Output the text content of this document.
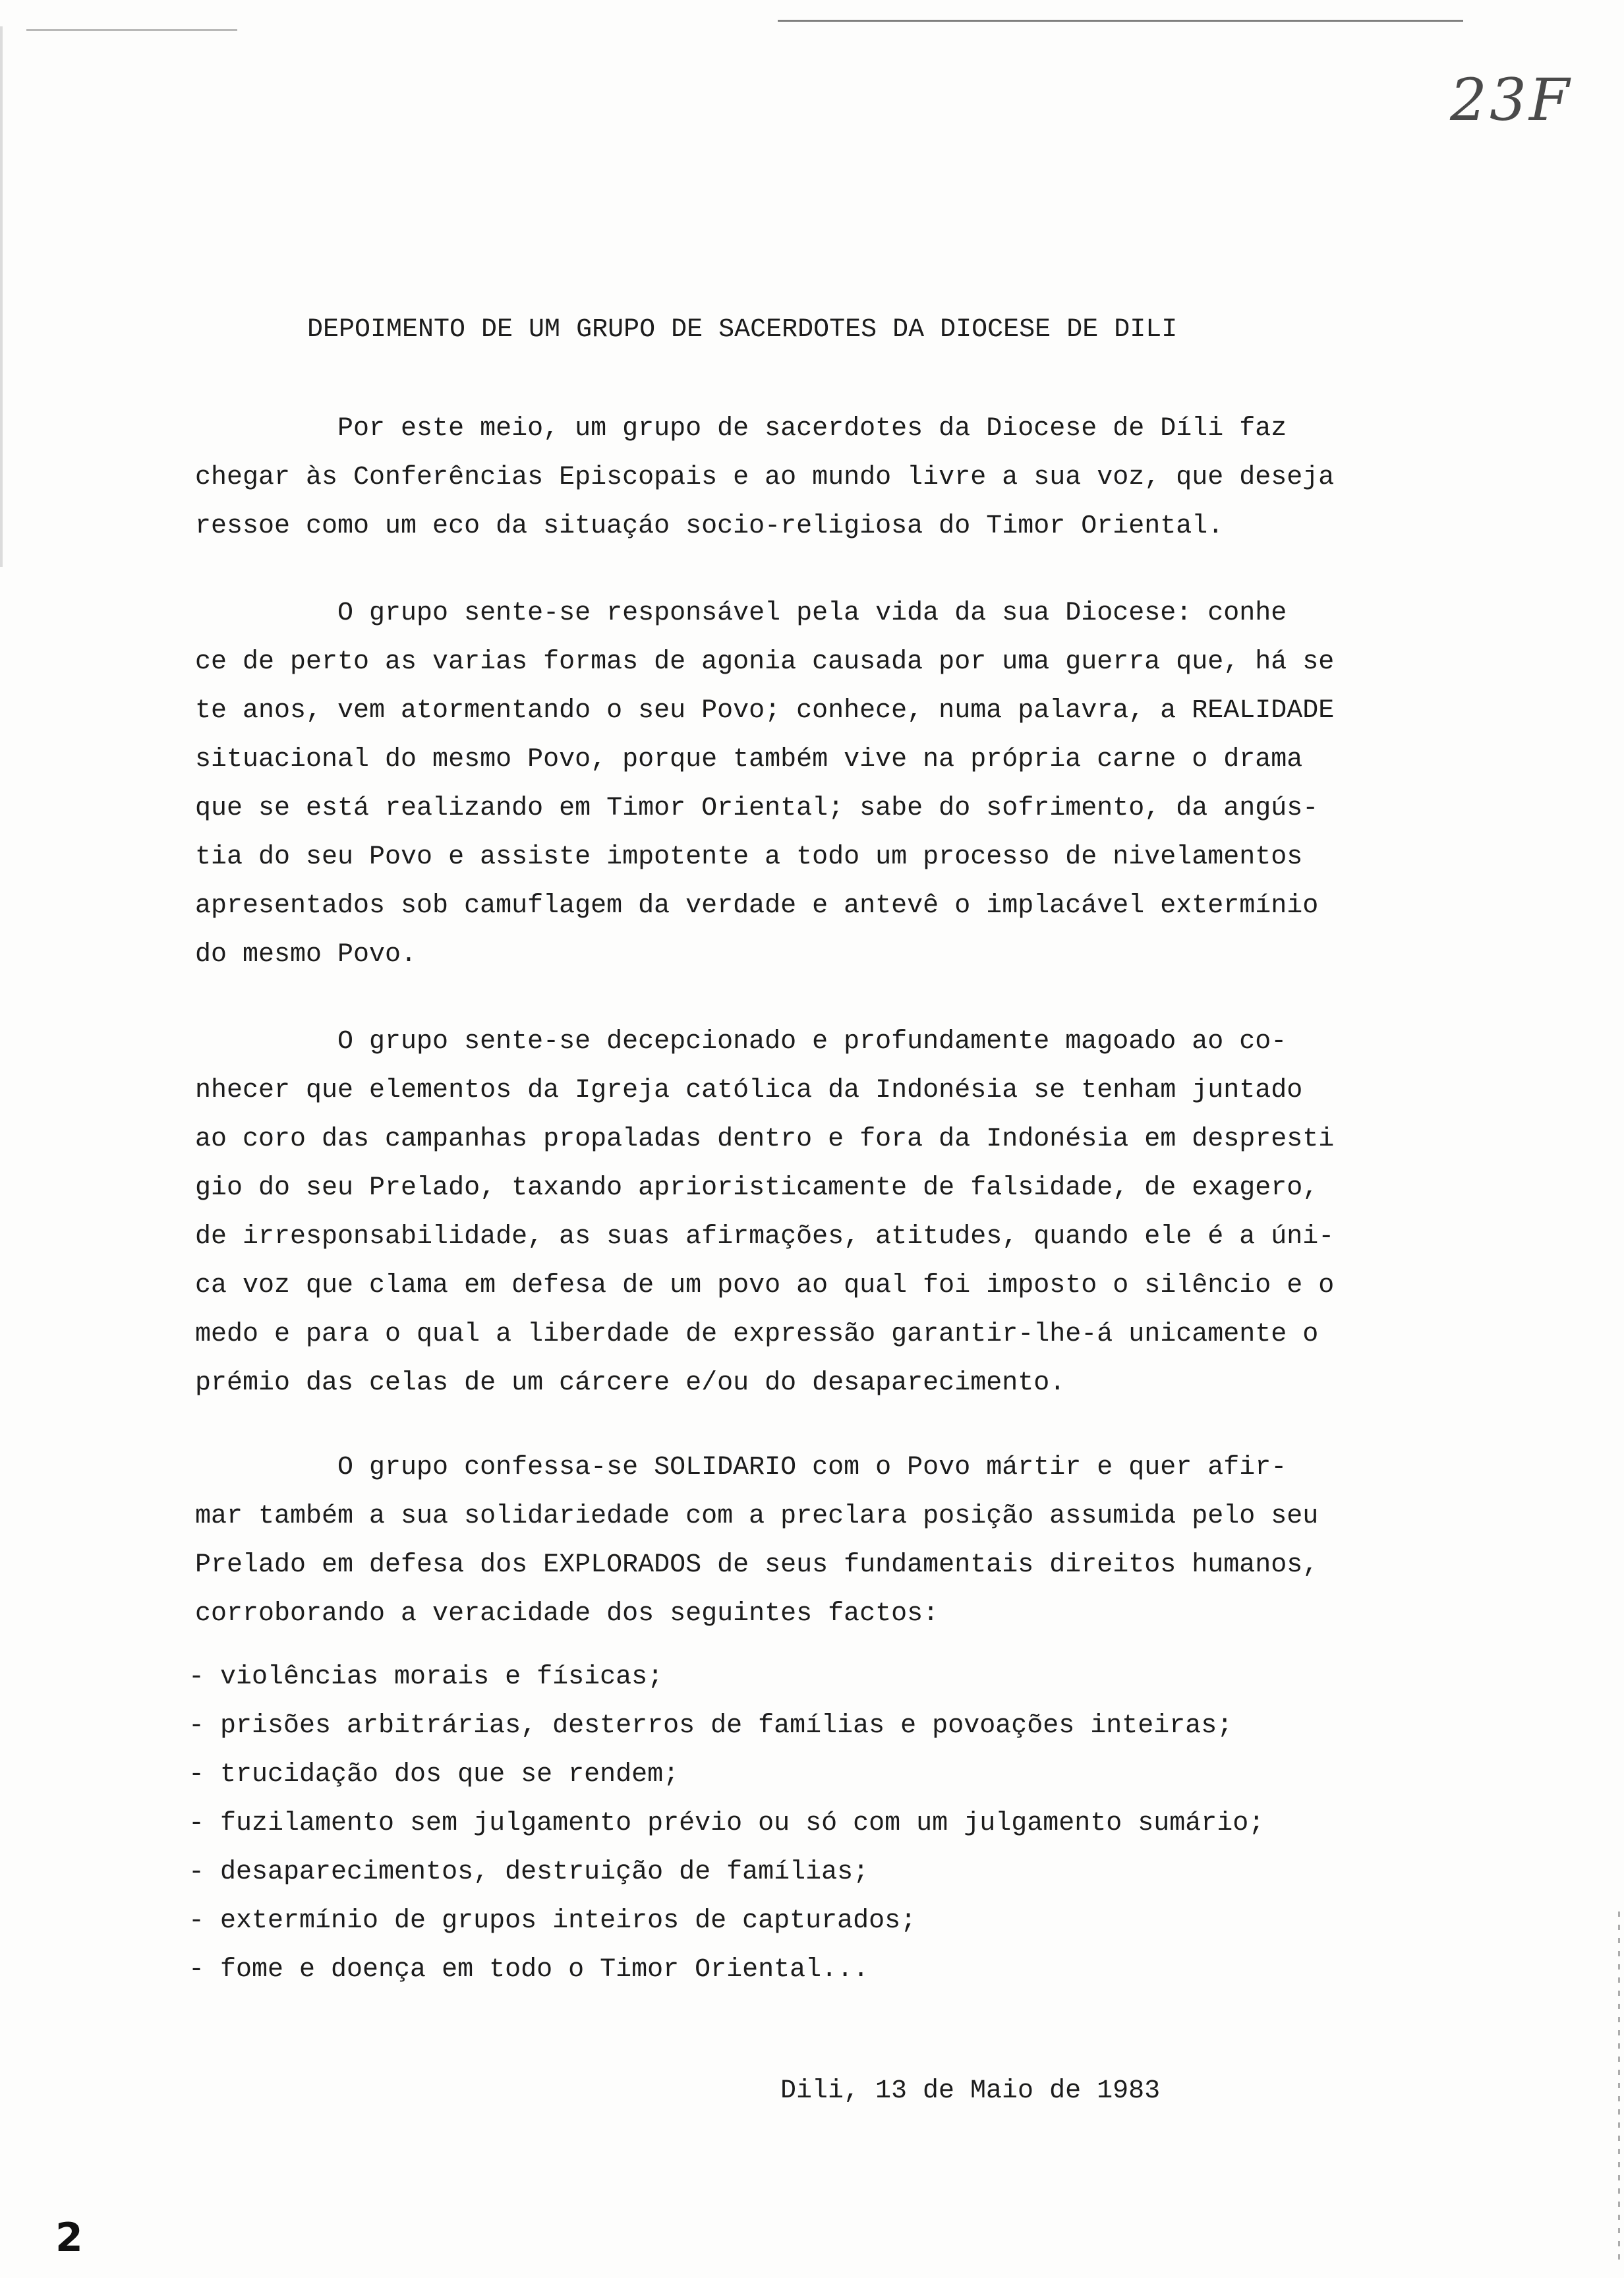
23F
DEPOIMENTO DE UM GRUPO DE SACERDOTES DA DIOCESE DE DILI
Por este meio, um grupo de sacerdotes da Diocese de Díli faz
chegar às Conferências Episcopais e ao mundo livre a sua voz, que deseja
ressoe como um eco da situaçáo socio-religiosa do Timor Oriental.
O grupo sente-se responsável pela vida da sua Diocese: conhe
ce de perto as varias formas de agonia causada por uma guerra que, há se
te anos, vem atormentando o seu Povo; conhece, numa palavra, a REALIDADE
situacional do mesmo Povo, porque também vive na própria carne o drama
que se está realizando em Timor Oriental; sabe do sofrimento, da angús-
tia do seu Povo e assiste impotente a todo um processo de nivelamentos
apresentados sob camuflagem da verdade e antevê o implacável extermínio
do mesmo Povo.
O grupo sente-se decepcionado e profundamente magoado ao co-
nhecer que elementos da Igreja católica da Indonésia se tenham juntado
ao coro das campanhas propaladas dentro e fora da Indonésia em despresti
gio do seu Prelado, taxando aprioristicamente de falsidade, de exagero,
de irresponsabilidade, as suas afirmações, atitudes, quando ele é a úni-
ca voz que clama em defesa de um povo ao qual foi imposto o silêncio e o
medo e para o qual a liberdade de expressão garantir-lhe-á unicamente o
prémio das celas de um cárcere e/ou do desaparecimento.
O grupo confessa-se SOLIDARIO com o Povo mártir e quer afir-
mar também a sua solidariedade com a preclara posição assumida pelo seu
Prelado em defesa dos EXPLORADOS de seus fundamentais direitos humanos,
corroborando a veracidade dos seguintes factos:
- violências morais e físicas;
- prisões arbitrárias, desterros de famílias e povoações inteiras;
- trucidação dos que se rendem;
- fuzilamento sem julgamento prévio ou só com um julgamento sumário;
- desaparecimentos, destruição de famílias;
- extermínio de grupos inteiros de capturados;
- fome e doença em todo o Timor Oriental...
Dili, 13 de Maio de 1983
2
